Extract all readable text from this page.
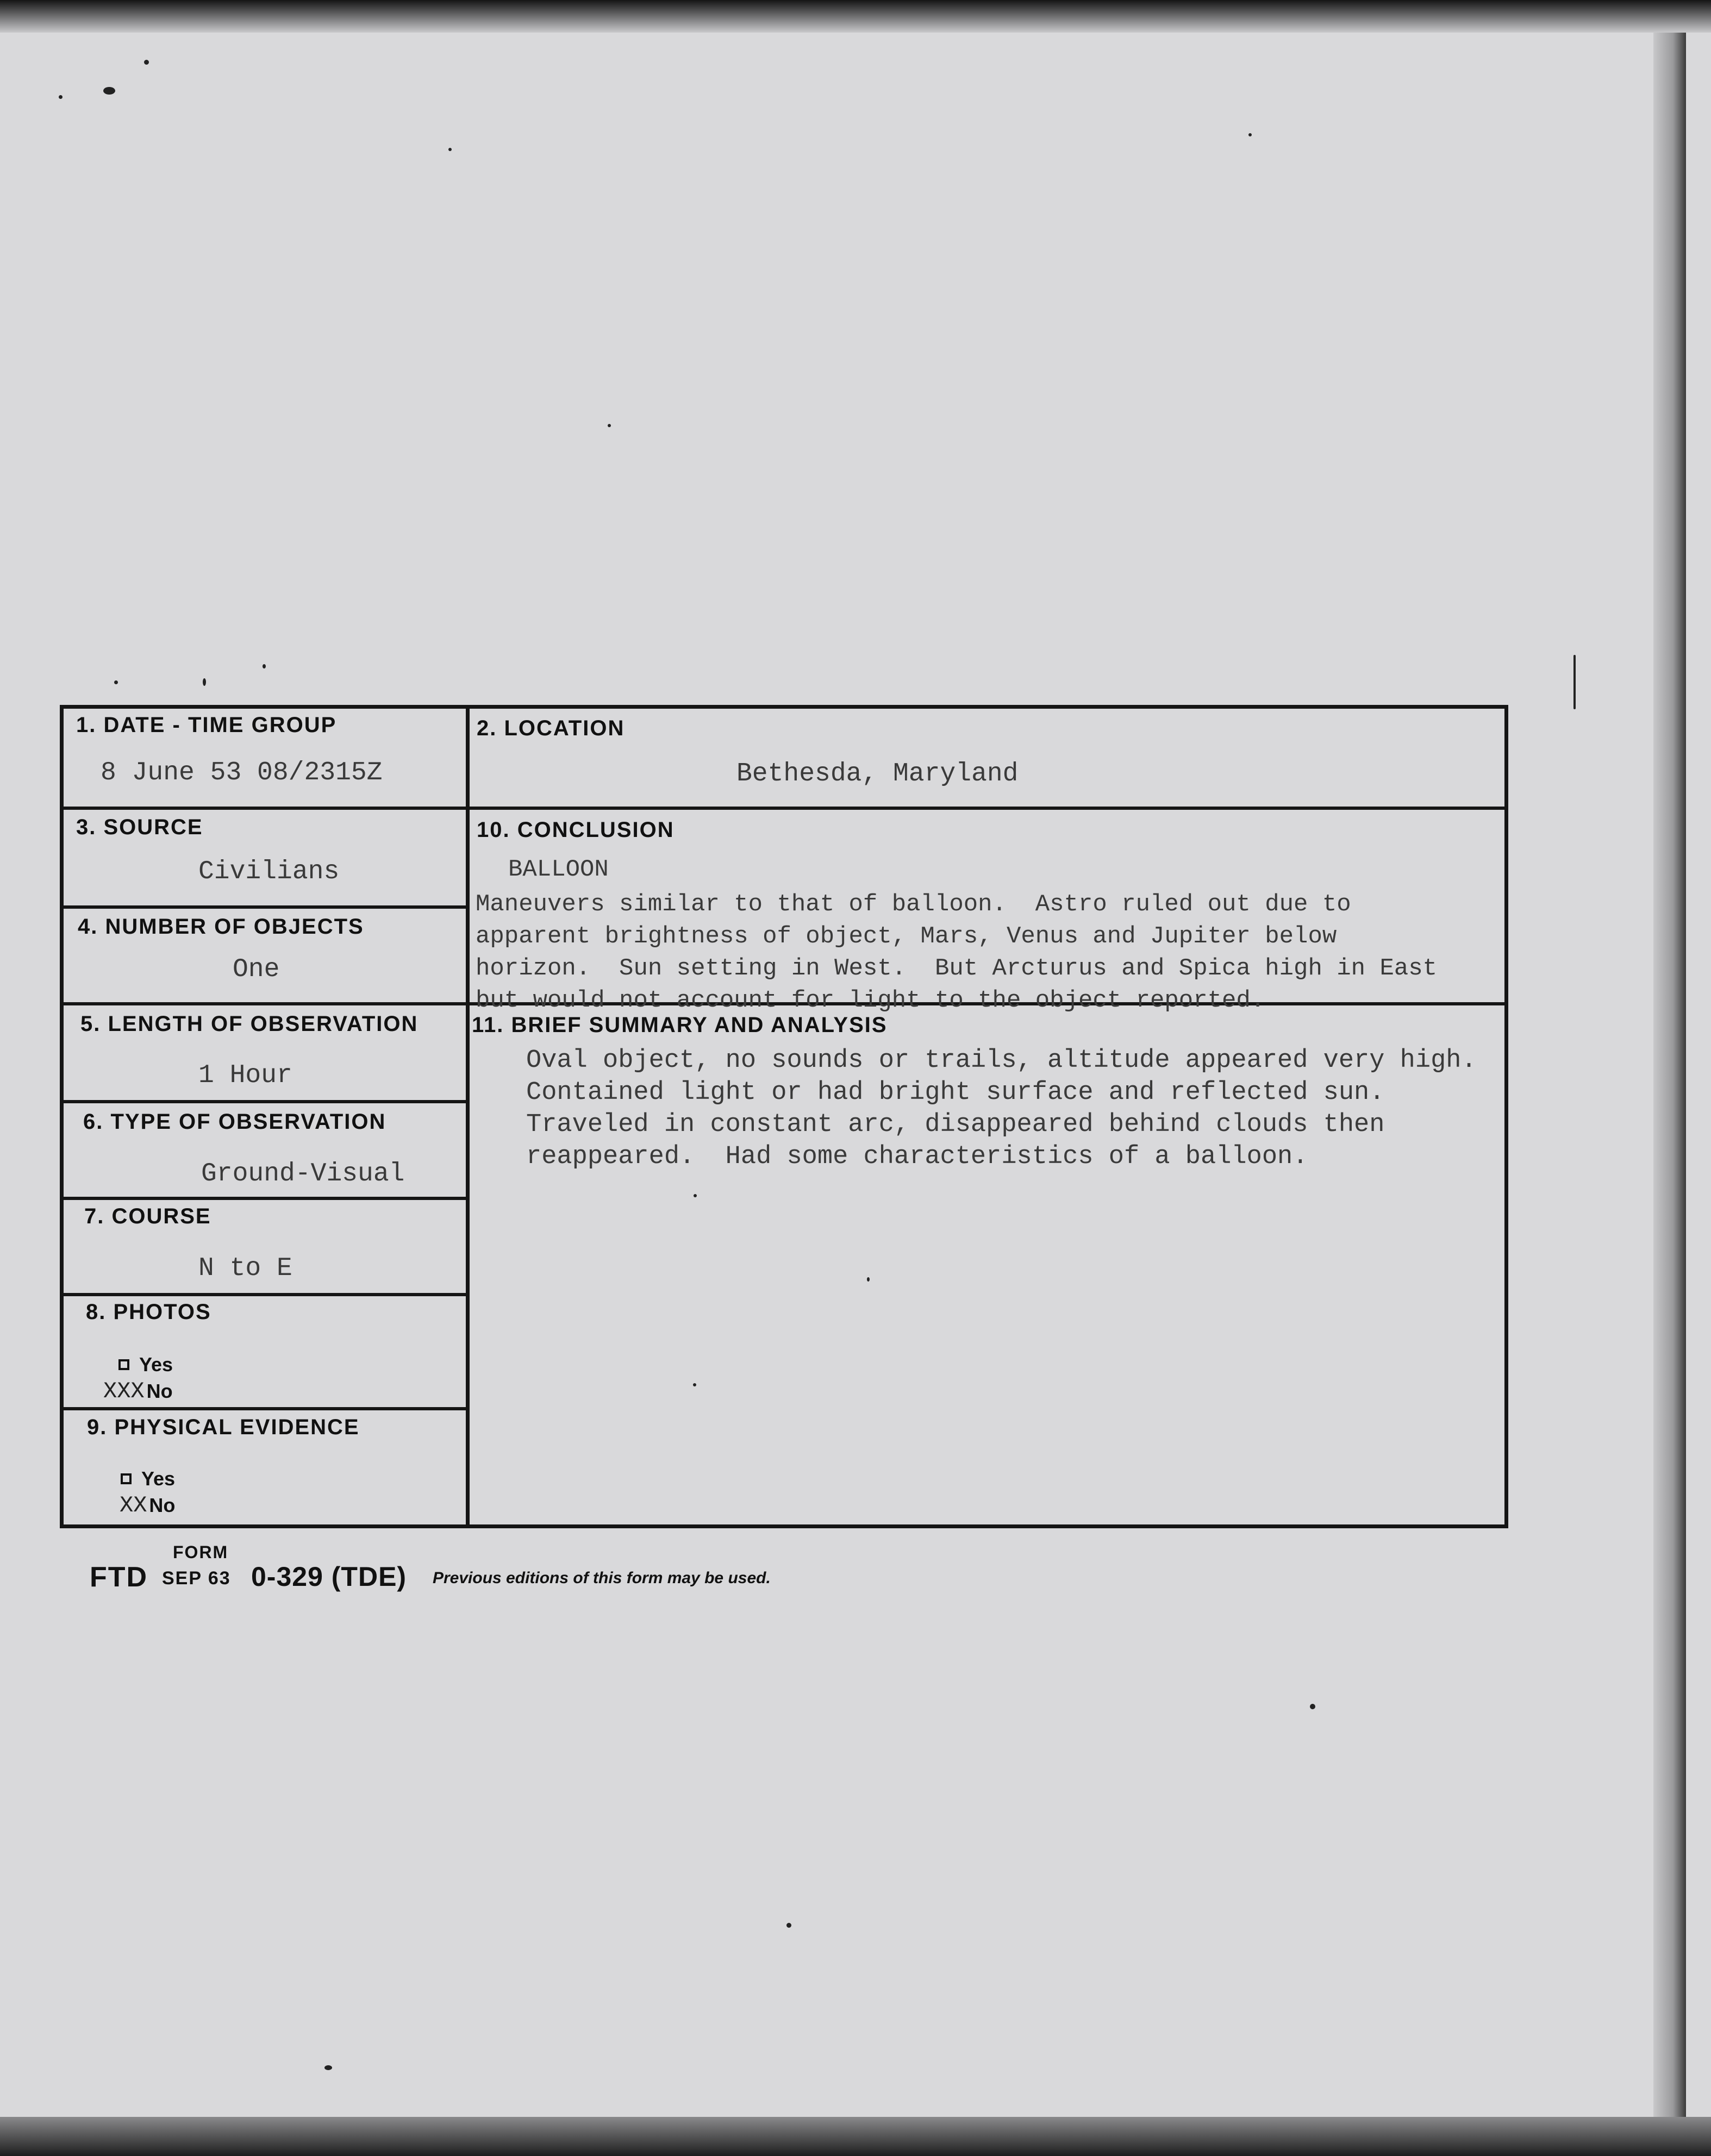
1. DATE - TIME GROUP
8 June 53 08/2315Z
2. LOCATION
Bethesda, Maryland
3. SOURCE
Civilians
4. NUMBER OF OBJECTS
One
10. CONCLUSION
BALLOON
Maneuvers similar to that of balloon.  Astro ruled out due to
apparent brightness of object, Mars, Venus and Jupiter below
horizon.  Sun setting in West.  But Arcturus and Spica high in East
but would not account for light to the object reported.
5. LENGTH OF OBSERVATION
1 Hour
11. BRIEF SUMMARY AND ANALYSIS
Oval object, no sounds or trails, altitude appeared very high.
Contained light or had bright surface and reflected sun.
Traveled in constant arc, disappeared behind clouds then
reappeared.  Had some characteristics of a balloon.
6. TYPE OF OBSERVATION
Ground-Visual
7. COURSE
N to E
8. PHOTOS
Yes
XXX No
9. PHYSICAL EVIDENCE
Yes
XX No
FORM
FTD SEP 63 0-329 (TDE) Previous editions of this form may be used.
